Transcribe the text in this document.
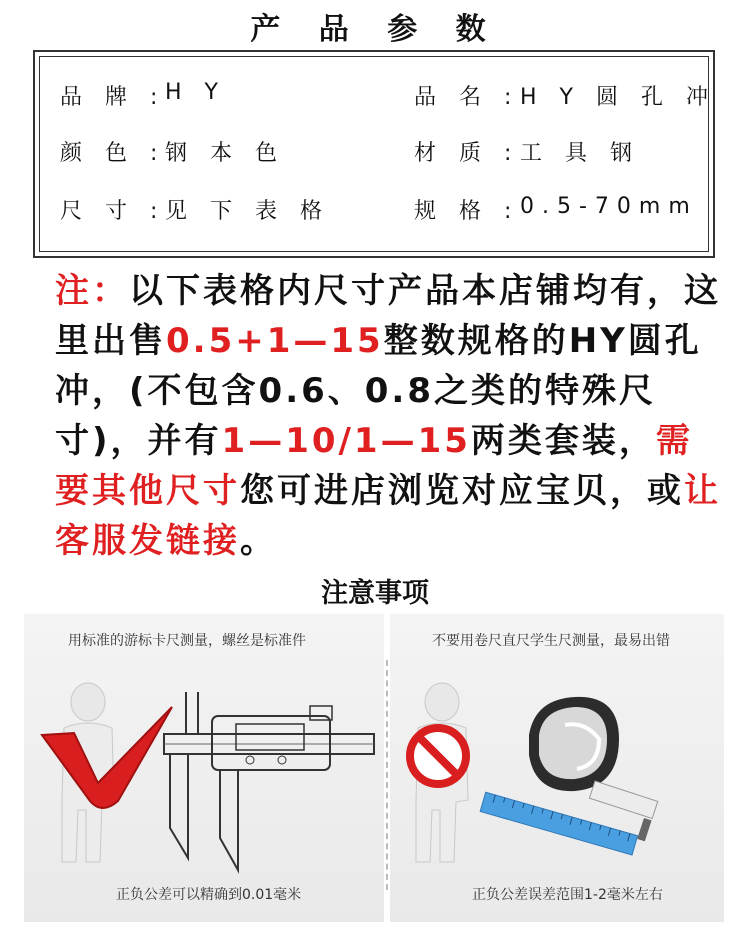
产 品 参 数
品 牌 : H Y	品 名 : H Y 圆 孔 冲
颜 色 : 钢 本 色	材 质 : 工 具 钢
尺 寸 : 见 下 表 格	规 格 : 0.5-70mm
注：以下表格内尺寸产品本店铺均有，这里出售0.5+1—15整数规格的HY圆孔冲，(不包含0.6、0.8之类的特殊尺寸)，并有1—10/1—15两类套装，需要其他尺寸您可进店浏览对应宝贝，或让客服发链接。
注意事项
用标准的游标卡尺测量，螺丝是标准件
正负公差可以精确到0.01毫米
不要用卷尺直尺学生尺测量，最易出错
正负公差误差范围1-2毫米左右
